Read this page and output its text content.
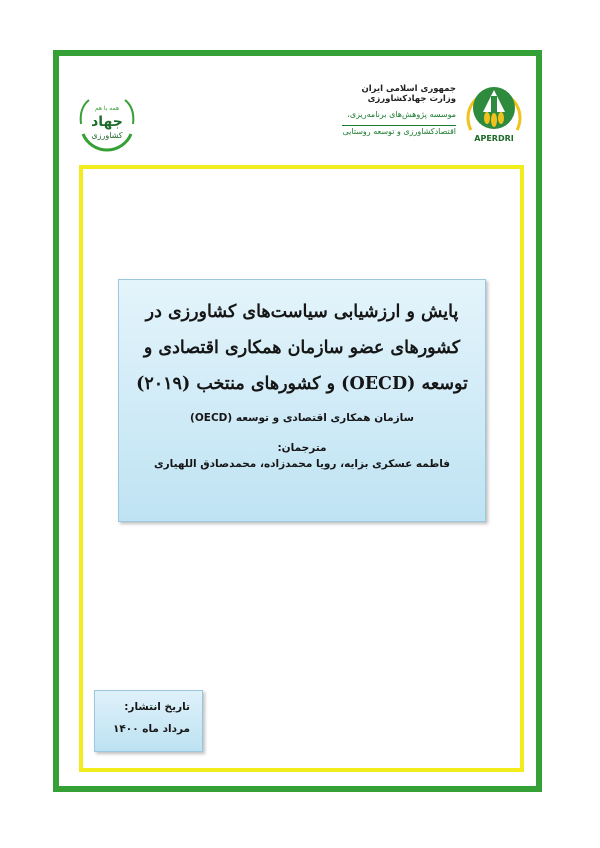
APERDRI
جمهوری اسلامی ایران
وزارت جهادکشاورزی
موسسه پژوهش‌های برنامه‌ریزی،
اقتصادکشاورزی و توسعه روستایی
همه با هم
جهاد
کشاورزی
پایش و ارزشیابی سیاست‌های کشاورزی در
کشورهای عضو سازمان همکاری اقتصادی و
توسعه (OECD) و کشورهای منتخب (۲۰۱۹)
سازمان همکاری اقتصادی و توسعه (OECD)
مترجمان:
فاطمه عسکری بزایه، رویا محمدزاده، محمدصادق اللهیاری
تاریخ انتشار:
مرداد ماه ۱۴۰۰
